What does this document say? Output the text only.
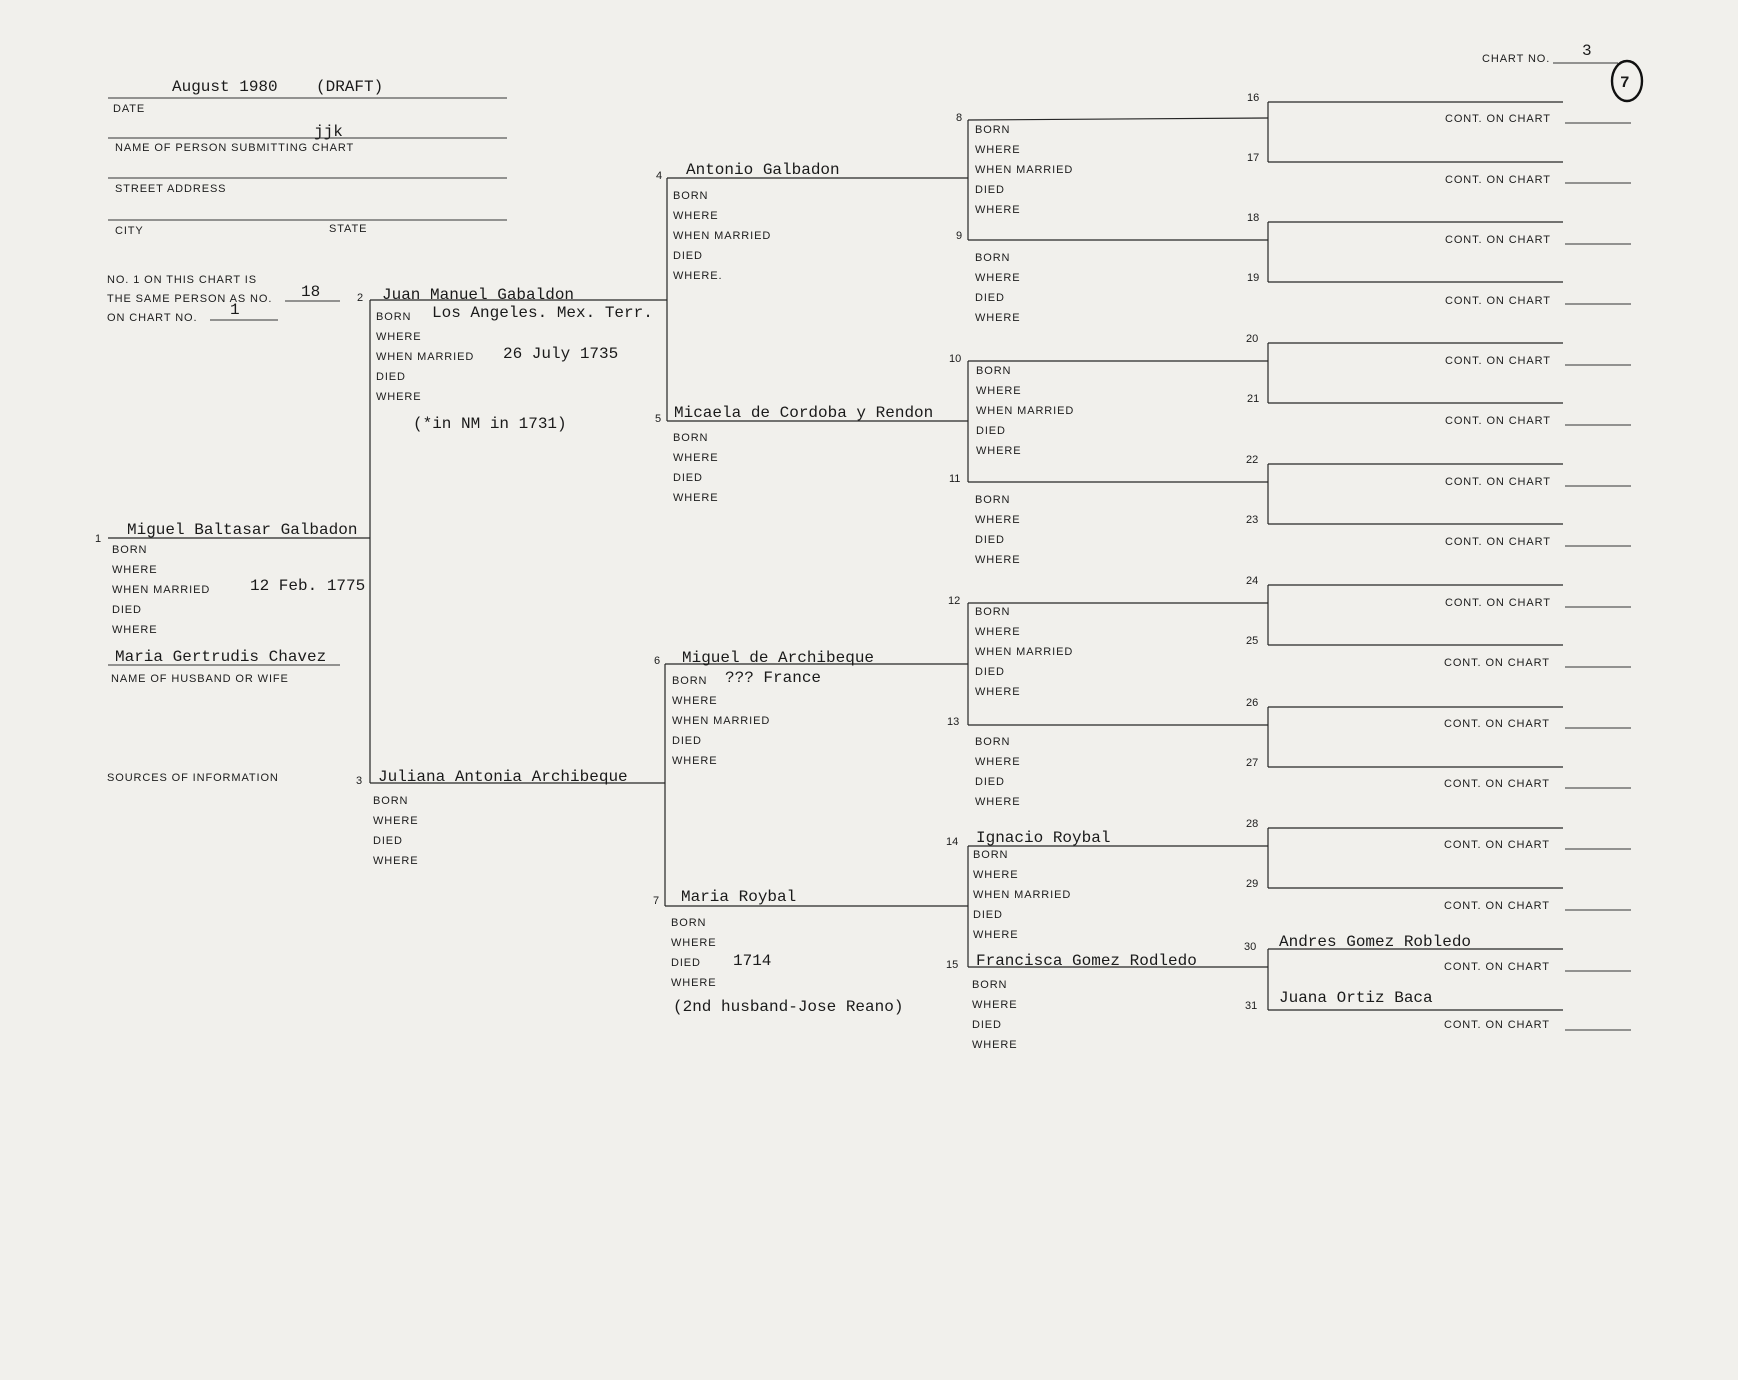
CHART NO. 3
7
August 1980 (DRAFT)
DATE
jjk
NAME OF PERSON SUBMITTING CHART
STREET ADDRESS
CITY	STATE
NO. 1 ON THIS CHART IS
THE SAME PERSON AS NO. 18
ON CHART NO. 1
SOURCES OF INFORMATION
1 Miguel Baltasar Galbadon
BORN
WHERE
WHEN MARRIED 12 Feb. 1775
DIED
WHERE
Maria Gertrudis Chavez
NAME OF HUSBAND OR WIFE
2 Juan Manuel Gabaldon
BORN Los Angeles. Mex. Terr.
WHERE
WHEN MARRIED 26 July 1735
DIED
WHERE
(*in NM in 1731)
3 Juliana Antonia Archibeque
BORN
WHERE
DIED
WHERE
4 Antonio Galbadon
BORN
WHERE
WHEN MARRIED
DIED
WHERE.
5 Micaela de Cordoba y Rendon
BORN
WHERE
DIED
WHERE
6 Miguel de Archibeque
BORN ??? France
WHERE
WHEN MARRIED
DIED
WHERE
7 Maria Roybal
BORN
WHERE
DIED 1714
WHERE
(2nd husband-Jose Reano)
8
BORN
WHERE
WHEN MARRIED
DIED
WHERE
9
BORN
WHERE
DIED
WHERE
10
BORN
WHERE
WHEN MARRIED
DIED
WHERE
11
BORN
WHERE
DIED
WHERE
12
BORN
WHERE
WHEN MARRIED
DIED
WHERE
13
BORN
WHERE
DIED
WHERE
14 Ignacio Roybal
BORN
WHERE
WHEN MARRIED
DIED
WHERE
15 Francisca Gomez Rodledo
BORN
WHERE
DIED
WHERE
16
CONT. ON CHART
17
CONT. ON CHART
18
CONT. ON CHART
19
CONT. ON CHART
20
CONT. ON CHART
21
CONT. ON CHART
22
CONT. ON CHART
23
CONT. ON CHART
24
CONT. ON CHART
25
CONT. ON CHART
26
CONT. ON CHART
27
CONT. ON CHART
28
CONT. ON CHART
29
CONT. ON CHART
30 Andres Gomez Robledo
CONT. ON CHART
31 Juana Ortiz Baca
CONT. ON CHART
